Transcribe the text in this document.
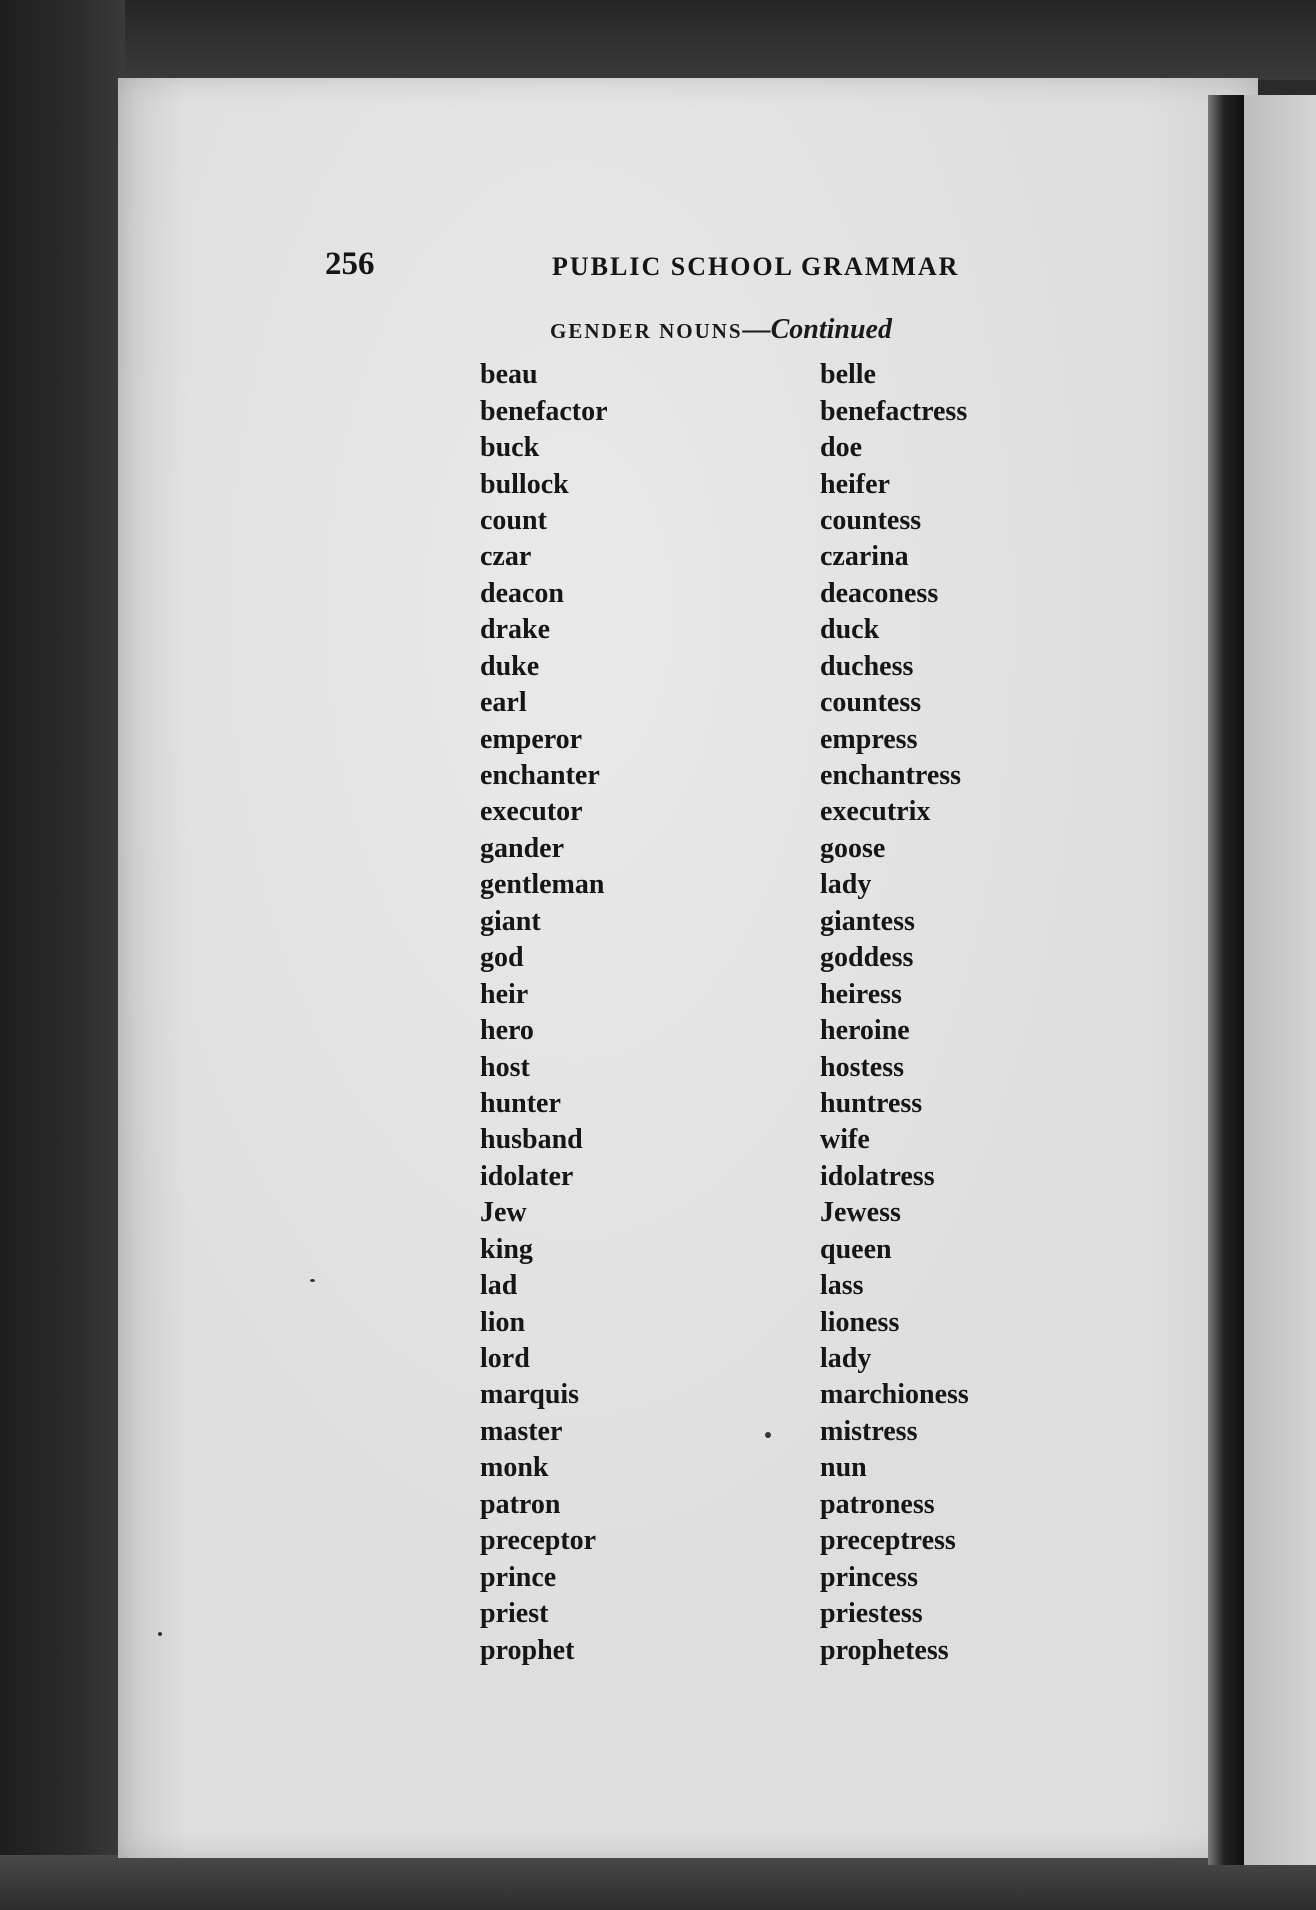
256	PUBLIC SCHOOL GRAMMAR
GENDER NOUNS—Continued
beau	belle
benefactor	benefactress
buck	doe
bullock	heifer
count	countess
czar	czarina
deacon	deaconess
drake	duck
duke	duchess
earl	countess
emperor	empress
enchanter	enchantress
executor	executrix
gander	goose
gentleman	lady
giant	giantess
god	goddess
heir	heiress
hero	heroine
host	hostess
hunter	huntress
husband	wife
idolater	idolatress
Jew	Jewess
king	queen
lad	lass
lion	lioness
lord	lady
marquis	marchioness
master	mistress
monk	nun
patron	patroness
preceptor	preceptress
prince	princess
priest	priestess
prophet	prophetess
